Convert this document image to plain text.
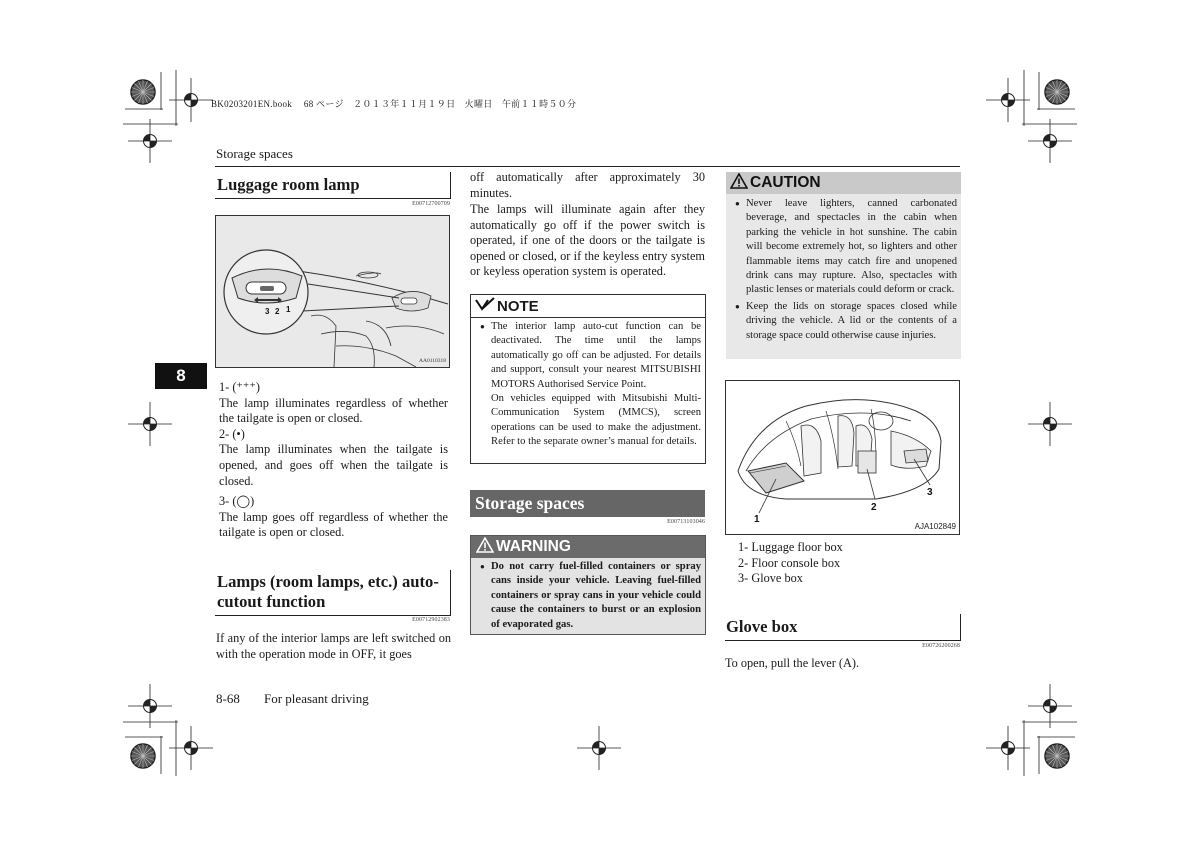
BK0203201EN.book　 68 ページ　２０１３年１１月１９日　火曜日　午前１１時５０分
Storage spaces
8
Luggage room lamp
E00712700709
3 2 1
AA0110318
1- (⁺⁺⁺)
The lamp illuminates regardless of whether the tailgate is open or closed.
2- (•)
The lamp illuminates when the tailgate is opened, and goes off when the tailgate is closed.
3- (◯)
The lamp goes off regardless of whether the tailgate is open or closed.
Lamps (room lamps, etc.) auto-
cutout function
E00712902383
If any of the interior lamps are left switched on with the operation mode in OFF, it goes
8-68 For pleasant driving
off automatically after approximately 30 minutes.
The lamps will illuminate again after they automatically go off if the power switch is operated, if one of the doors or the tailgate is opened or closed, or if the keyless entry system or keyless operation system is operated.
NOTE
● The interior lamp auto-cut function can be deactivated. The time until the lamps automatically go off can be adjusted. For details and support, consult your nearest MITSUBISHI MOTORS Authorised Service Point.
On vehicles equipped with Mitsubishi Multi-Communication System (MMCS), screen operations can be used to make the adjustment. Refer to the separate owner’s manual for details.
Storage spaces
E00713103046
WARNING
● Do not carry fuel-filled containers or spray cans inside your vehicle. Leaving fuel-filled containers or spray cans in your vehicle could cause the containers to burst or an explosion of evaporated gas.
CAUTION
● Never leave lighters, canned carbonated beverage, and spectacles in the cabin when parking the vehicle in hot sunshine. The cabin will become extremely hot, so lighters and other flammable items may catch fire and unopened drink cans may rupture. Also, spectacles with plastic lenses or materials could deform or crack.
● Keep the lids on storage spaces closed while driving the vehicle. A lid or the contents of a storage space could otherwise cause injuries.
1
2
3
AJA102849
1- Luggage floor box
2- Floor console box
3- Glove box
Glove box
E00726200268
To open, pull the lever (A).
